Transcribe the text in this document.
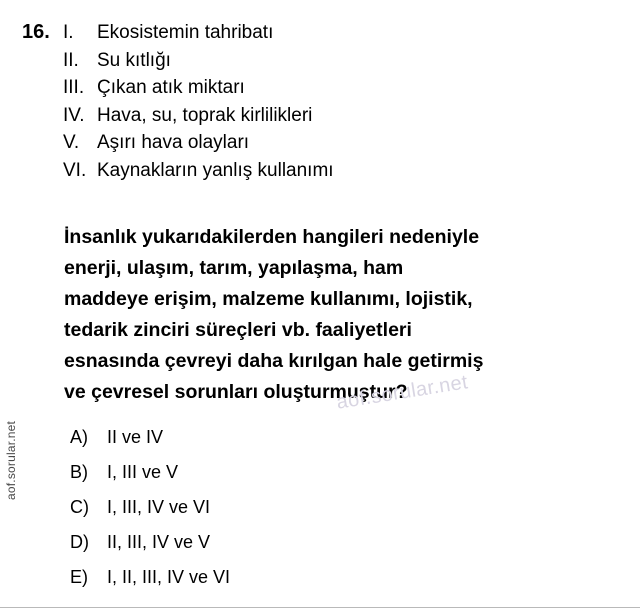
aof.sorular.net
16. I.	Ekosistemin tahribatı
II. Su kıtlığı
III. Çıkan atık miktarı
IV. Hava, su, toprak kirlilikleri
V. Aşırı hava olayları
VI. Kaynakların yanlış kullanımı
İnsanlık yukarıdakilerden hangileri nedeniyle
enerji, ulaşım, tarım, yapılaşma, ham
maddeye erişim, malzeme kullanımı, lojistik,
tedarik zinciri süreçleri vb. faaliyetleri
esnasında çevreyi daha kırılgan hale getirmiş
ve çevresel sorunları oluşturmuştur?
aof.sorular.net
A)	II ve IV
B)	I, III ve V
C)	I, III, IV ve VI
D)	II, III, IV ve V
E)	I, II, III, IV ve VI
